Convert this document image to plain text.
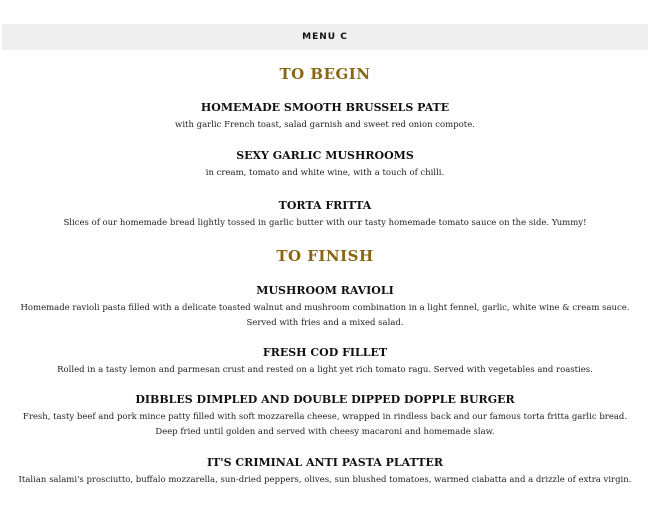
MENU C
TO BEGIN

HOMEMADE SMOOTH BRUSSELS PATE

with garlic French toast, salad garnish and sweet red onion compote.

SEXY GARLIC MUSHROOMS

in cream, tomato and white wine, with a touch of chilli.

TORTA FRITTA

Slices of our homemade bread lightly tossed in garlic butter with our tasty homemade tomato sauce on the side. Yummy!

TO FINISH

MUSHROOM RAVIOLI

Homemade ravioli pasta filled with a delicate toasted walnut and mushroom combination in a light fennel, garlic, white wine & cream sauce. Served with fries and a mixed salad.

FRESH COD FILLET

Rolled in a tasty lemon and parmesan crust and rested on a light yet rich tomato ragu. Served with vegetables and roasties.

DIBBLES DIMPLED AND DOUBLE DIPPED DOPPLE BURGER

Fresh, tasty beef and pork mince patty filled with soft mozzarella cheese, wrapped in rindless back and our famous torta fritta garlic bread. Deep fried until golden and served with cheesy macaroni and homemade slaw.

IT'S CRIMINAL ANTI PASTA PLATTER

Italian salami's prosciutto, buffalo mozzarella, sun-dried peppers, olives, sun blushed tomatoes, warmed ciabatta and a drizzle of extra virgin.
